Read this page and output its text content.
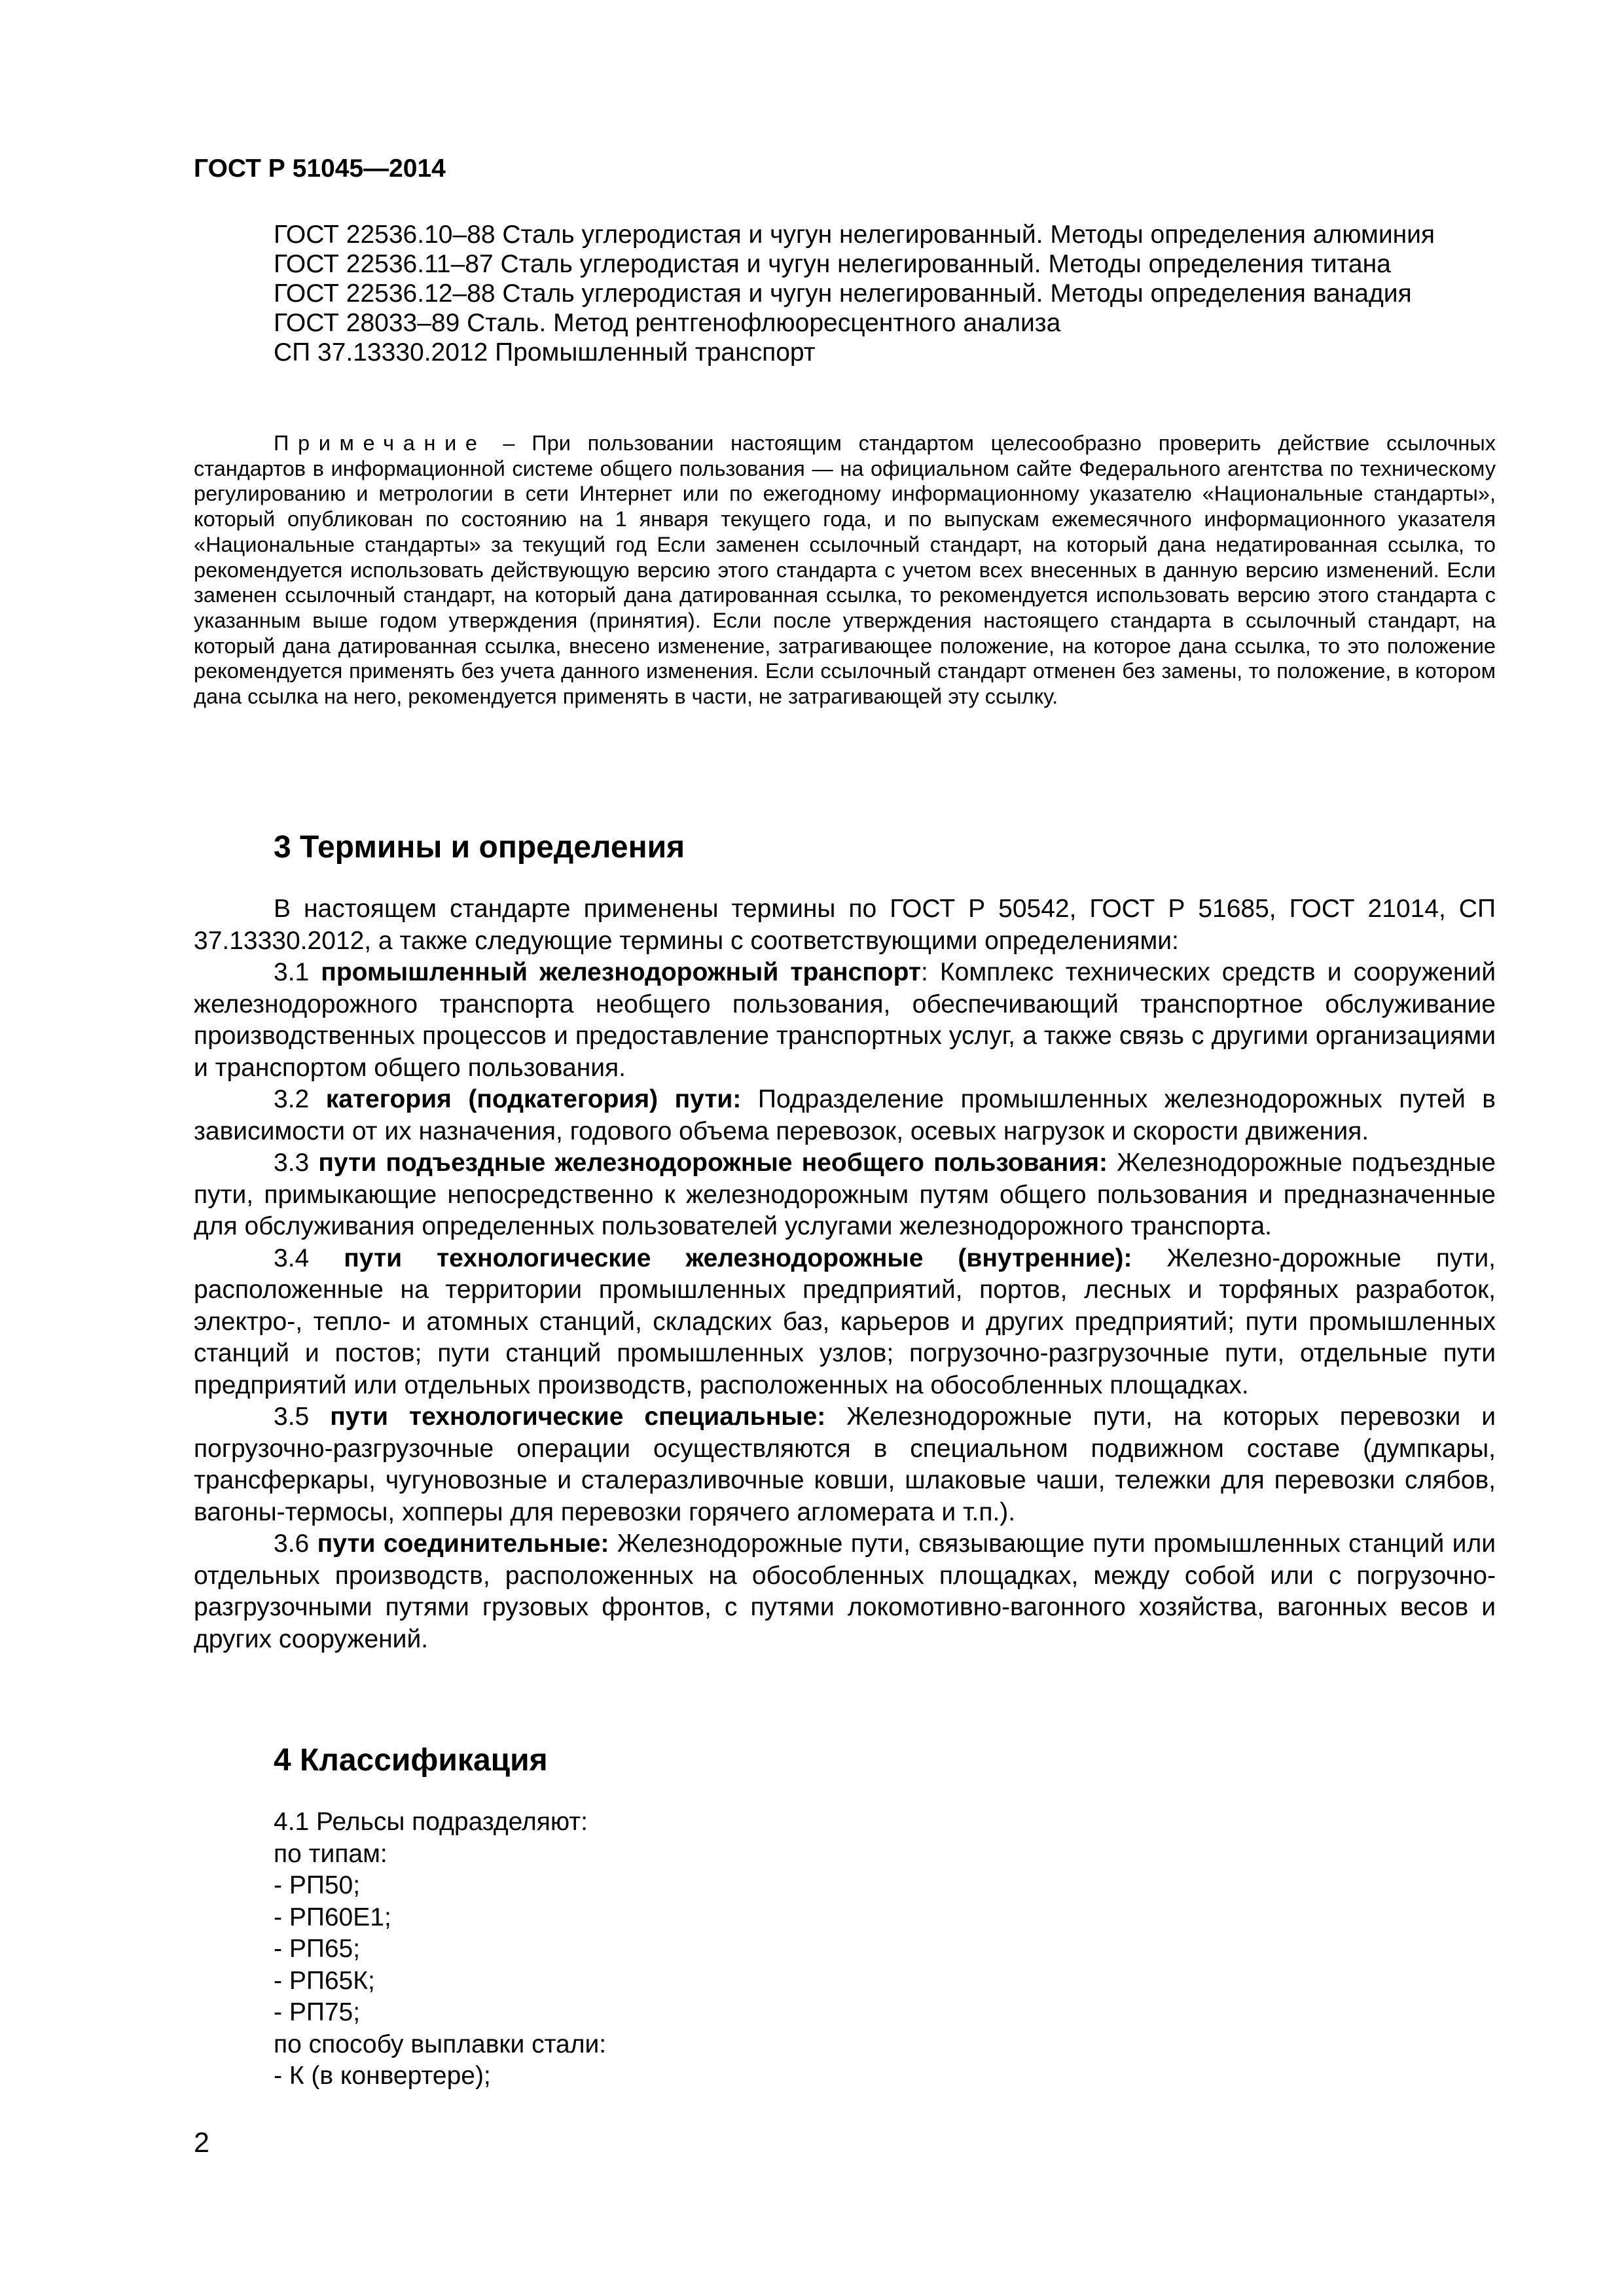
ГОСТ Р 51045—2014

ГОСТ 22536.10–88 Сталь углеродистая и чугун нелегированный. Методы определения алюминия

ГОСТ 22536.11–87 Сталь углеродистая и чугун нелегированный. Методы определения титана

ГОСТ 22536.12–88 Сталь углеродистая и чугун нелегированный. Методы определения ванадия

ГОСТ 28033–89 Сталь. Метод рентгенофлюоресцентного анализа

СП 37.13330.2012 Промышленный транспорт

Примечание – При пользовании настоящим стандартом целесообразно проверить действие ссылочных стандартов в информационной системе общего пользования — на официальном сайте Федерального агентства по техническому регулированию и метрологии в сети Интернет или по ежегодному информационному указателю «Национальные стандарты», который опубликован по состоянию на 1 января текущего года, и по выпускам ежемесячного информационного указателя «Национальные стандарты» за текущий год Если заменен ссылочный стандарт, на который дана недатированная ссылка, то рекомендуется использовать действующую версию этого стандарта с учетом всех внесенных в данную версию изменений. Если заменен ссылочный стандарт, на который дана датированная ссылка, то рекомендуется использовать версию этого стандарта с указанным выше годом утверждения (принятия). Если после утверждения настоящего стандарта в ссылочный стандарт, на который дана датированная ссылка, внесено изменение, затрагивающее положение, на которое дана ссылка, то это положение рекомендуется применять без учета данного изменения. Если ссылочный стандарт отменен без замены, то положение, в котором дана ссылка на него, рекомендуется применять в части, не затрагивающей эту ссылку.

3 Термины и определения

В настоящем стандарте применены термины по ГОСТ Р 50542, ГОСТ Р 51685, ГОСТ 21014, СП 37.13330.2012, а также следующие термины с соответствующими определениями:

3.1 промышленный железнодорожный транспорт: Комплекс технических средств и сооружений железнодорожного транспорта необщего пользования, обеспечивающий транспортное обслуживание производственных процессов и предоставление транспортных услуг, а также связь с другими организациями и транспортом общего пользования.

3.2 категория (подкатегория) пути: Подразделение промышленных железнодорожных путей в зависимости от их назначения, годового объема перевозок, осевых нагрузок и скорости движения.

3.3 пути подъездные железнодорожные необщего пользования: Железнодорожные подъездные пути, примыкающие непосредственно к железнодорожным путям общего пользования и предназначенные для обслуживания определенных пользователей услугами железнодорожного транспорта.

3.4 пути технологические железнодорожные (внутренние): Железно-дорожные пути, расположенные на территории промышленных предприятий, портов, лесных и торфяных разработок, электро-, тепло- и атомных станций, складских баз, карьеров и других предприятий; пути промышленных станций и постов; пути станций промышленных узлов; погрузочно-разгрузочные пути, отдельные пути предприятий или отдельных производств, расположенных на обособленных площадках.

3.5 пути технологические специальные: Железнодорожные пути, на которых перевозки и погрузочно-разгрузочные операции осуществляются в специальном подвижном составе (думпкары, трансферкары, чугуновозные и сталеразливочные ковши, шлаковые чаши, тележки для перевозки слябов, вагоны-термосы, хопперы для перевозки горячего агломерата и т.п.).

3.6 пути соединительные: Железнодорожные пути, связывающие пути промышленных станций или отдельных производств, расположенных на обособленных площадках, между собой или с погрузочно-разгрузочными путями грузовых фронтов, с путями локомотивно-вагонного хозяйства, вагонных весов и других сооружений.

4 Классификация

4.1 Рельсы подразделяют:

по типам:

- РП50;

- РП60Е1;

- РП65;

- РП65К;

- РП75;

по способу выплавки стали:

- К (в конвертере);

2
